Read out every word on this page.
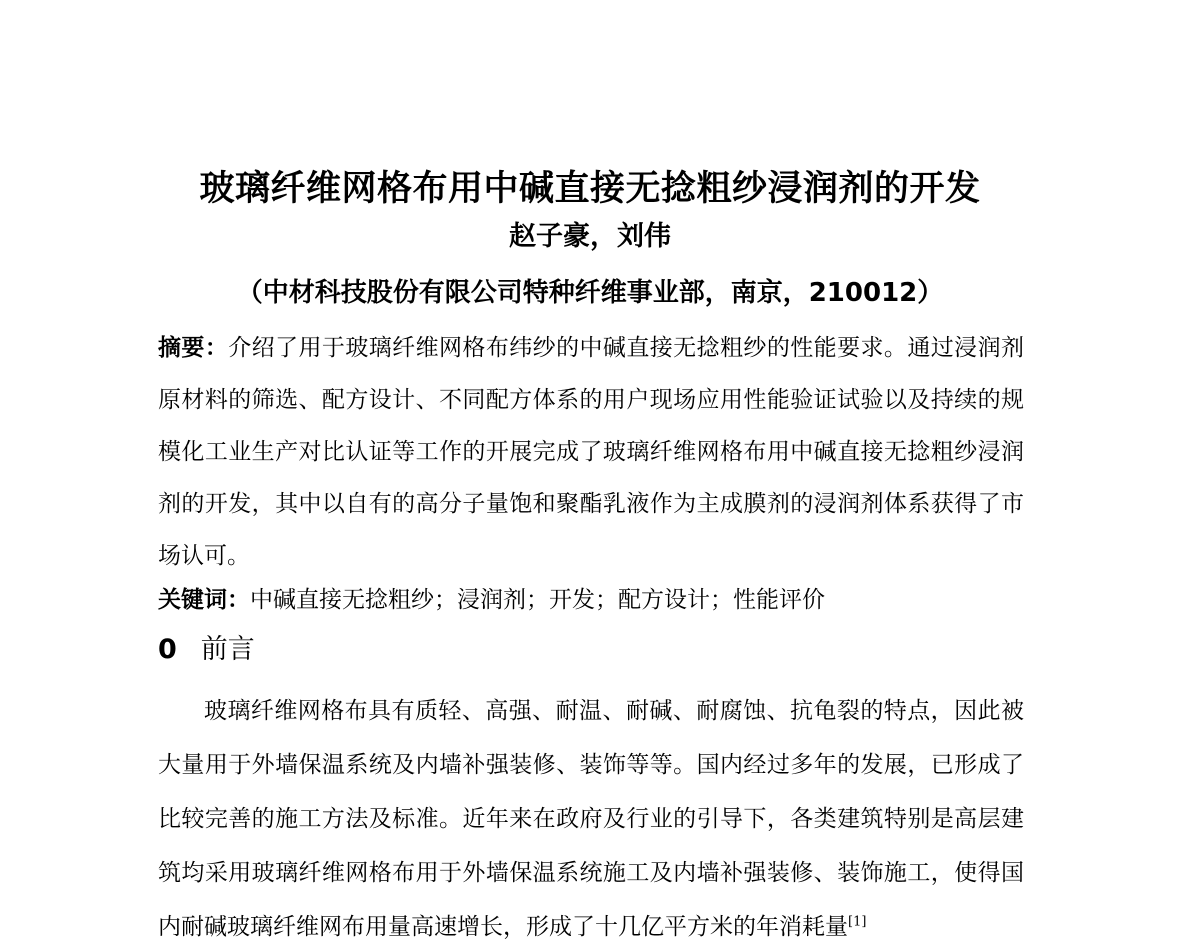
玻璃纤维网格布用中碱直接无捻粗纱浸润剂的开发
赵子豪，刘伟
（中材科技股份有限公司特种纤维事业部，南京，210012）

摘要：介绍了用于玻璃纤维网格布纬纱的中碱直接无捻粗纱的性能要求。通过浸润剂原材料的筛选、配方设计、不同配方体系的用户现场应用性能验证试验以及持续的规模化工业生产对比认证等工作的开展完成了玻璃纤维网格布用中碱直接无捻粗纱浸润剂的开发，其中以自有的高分子量饱和聚酯乳液作为主成膜剂的浸润剂体系获得了市场认可。

关键词：中碱直接无捻粗纱；浸润剂；开发；配方设计；性能评价

0 前言

玻璃纤维网格布具有质轻、高强、耐温、耐碱、耐腐蚀、抗龟裂的特点，因此被大量用于外墙保温系统及内墙补强装修、装饰等等。国内经过多年的发展，已形成了比较完善的施工方法及标准。近年来在政府及行业的引导下，各类建筑特别是高层建筑均采用玻璃纤维网格布用于外墙保温系统施工及内墙补强装修、装饰施工，使得国内耐碱玻璃纤维网布用量高速增长，形成了十几亿平方米的年消耗量[1]
